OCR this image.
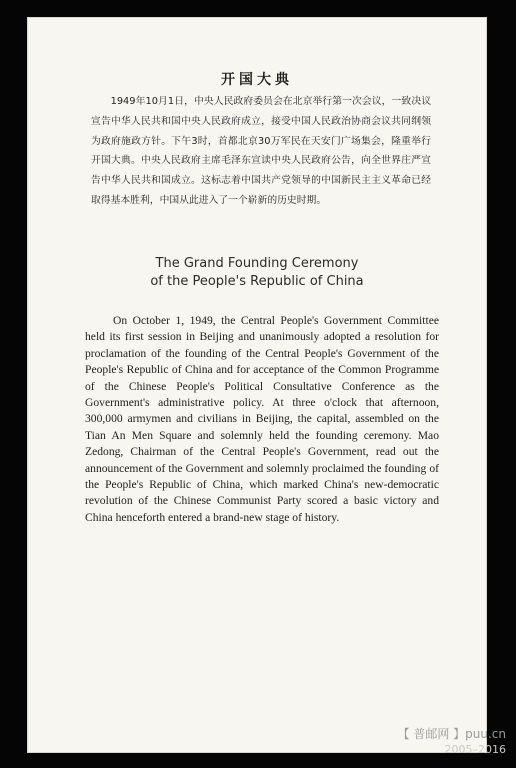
开国大典

1949年10月1日，中央人民政府委员会在北京举行第一次会议，一致决议宣告中华人民共和国中央人民政府成立，接受中国人民政治协商会议共同纲领为政府施政方针。下午3时，首都北京30万军民在天安门广场集会，隆重举行开国大典。中央人民政府主席毛泽东宣读中央人民政府公告，向全世界庄严宣告中华人民共和国成立。这标志着中国共产党领导的中国新民主主义革命已经取得基本胜利，中国从此进入了一个崭新的历史时期。

The Grand Founding Ceremony
of the People's Republic of China

On October 1, 1949, the Central People's Government Committee held its first session in Beijing and unanimously adopted a resolution for proclamation of the founding of the Central People's Government of the People's Republic of China and for acceptance of the Common Programme of the Chinese People's Political Consultative Conference as the Government's administrative policy. At three o'clock that afternoon, 300,000 armymen and civilians in Beijing, the capital, assembled on the Tian An Men Square and solemnly held the founding ceremony. Mao Zedong, Chairman of the Central People's Government, read out the announcement of the Government and solemnly proclaimed the founding of the People's Republic of China, which marked China's new-democratic revolution of the Chinese Communist Party scored a basic victory and China henceforth entered a brand-new stage of history.

【 普邮网 】puu.cn
2005–2016
